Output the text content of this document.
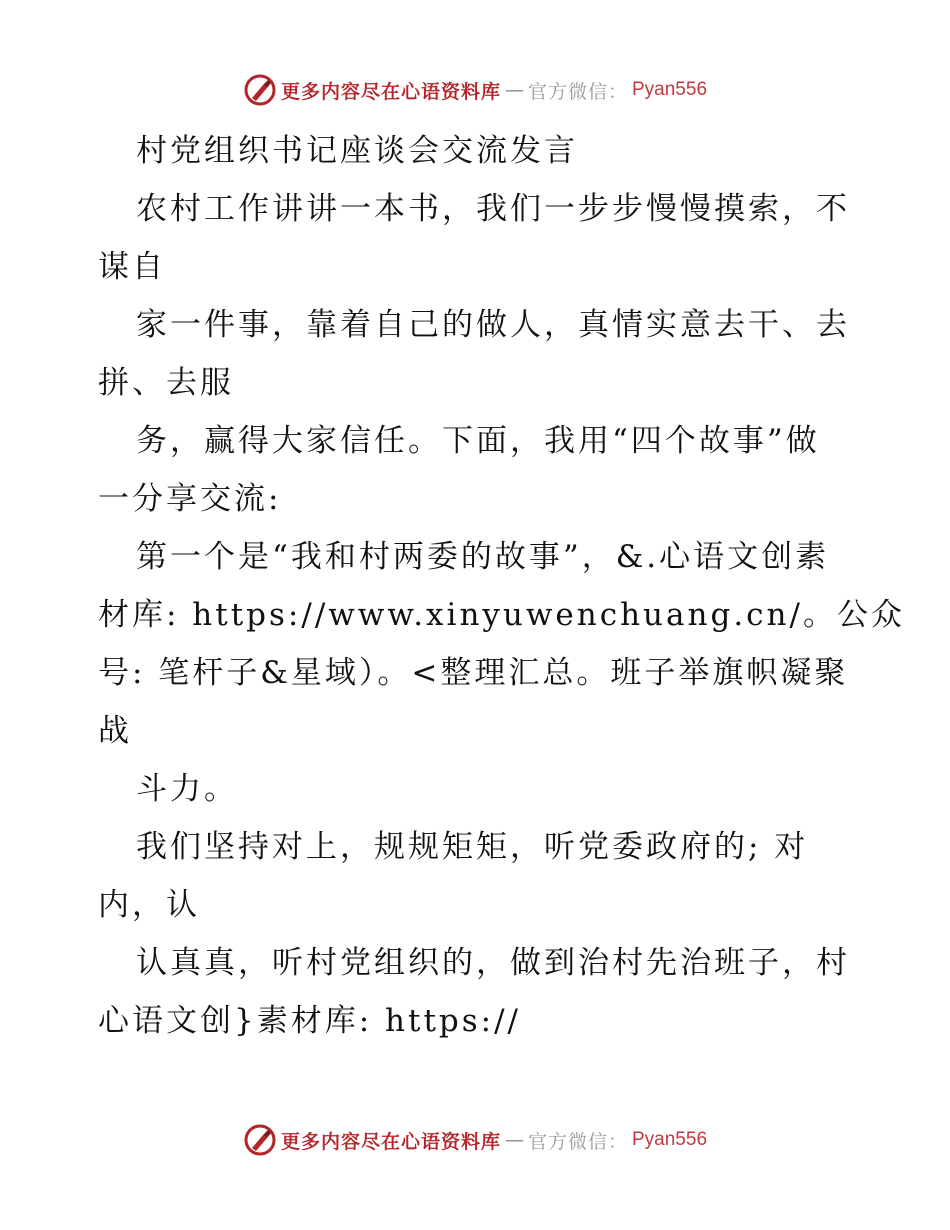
更多内容尽在心语资料库 — 官方微信： Pyan556
村党组织书记座谈会交流发言
农村工作讲讲一本书，我们一步步慢慢摸索，不
谋自
家一件事，靠着自己的做人，真情实意去干、去
拼、去服
务，赢得大家信任。下面，我用“四个故事”做
一分享交流:
第一个是“我和村两委的故事”，&.心语文创素
材库: https://www.xinyuwenchuang.cn/。公众
号: 笔杆子&星域）。<整理汇总。班子举旗帜凝聚
战
斗力。
我们坚持对上，规规矩矩，听党委政府的; 对
内，认
认真真，听村党组织的，做到治村先治班子，村
心语文创}素材库: https://
更多内容尽在心语资料库 — 官方微信： Pyan556
